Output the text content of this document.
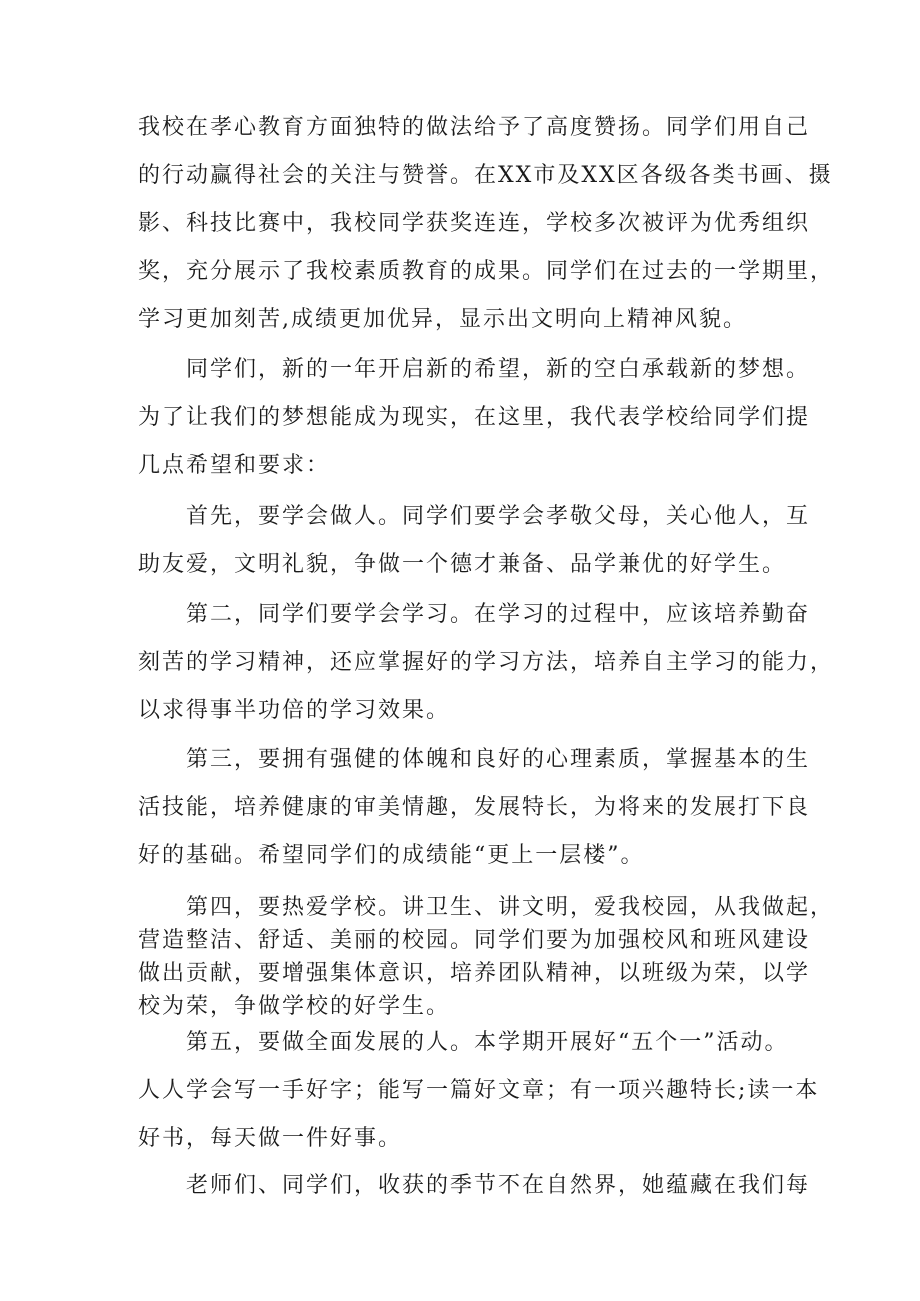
我校在孝心教育方面独特的做法给予了高度赞扬。同学们用自己
的行动赢得社会的关注与赞誉。在XX市及XX区各级各类书画、摄
影、科技比赛中，我校同学获奖连连，学校多次被评为优秀组织
奖，充分展示了我校素质教育的成果。同学们在过去的一学期里，
学习更加刻苦,成绩更加优异，显示出文明向上精神风貌。

同学们，新的一年开启新的希望，新的空白承载新的梦想。
为了让我们的梦想能成为现实，在这里，我代表学校给同学们提
几点希望和要求：

首先，要学会做人。同学们要学会孝敬父母，关心他人，互
助友爱，文明礼貌，争做一个德才兼备、品学兼优的好学生。

第二，同学们要学会学习。在学习的过程中，应该培养勤奋
刻苦的学习精神，还应掌握好的学习方法，培养自主学习的能力，
以求得事半功倍的学习效果。

第三，要拥有强健的体魄和良好的心理素质，掌握基本的生
活技能，培养健康的审美情趣，发展特长，为将来的发展打下良
好的基础。希望同学们的成绩能“更上一层楼”。

第四，要热爱学校。讲卫生、讲文明，爱我校园，从我做起，
营造整洁、舒适、美丽的校园。同学们要为加强校风和班风建设
做出贡献，要增强集体意识，培养团队精神，以班级为荣，以学
校为荣，争做学校的好学生。

第五，要做全面发展的人。本学期开展好“五个一”活动。
人人学会写一手好字；能写一篇好文章；有一项兴趣特长;读一本
好书，每天做一件好事。

老师们、同学们，收获的季节不在自然界，她蕴藏在我们每
